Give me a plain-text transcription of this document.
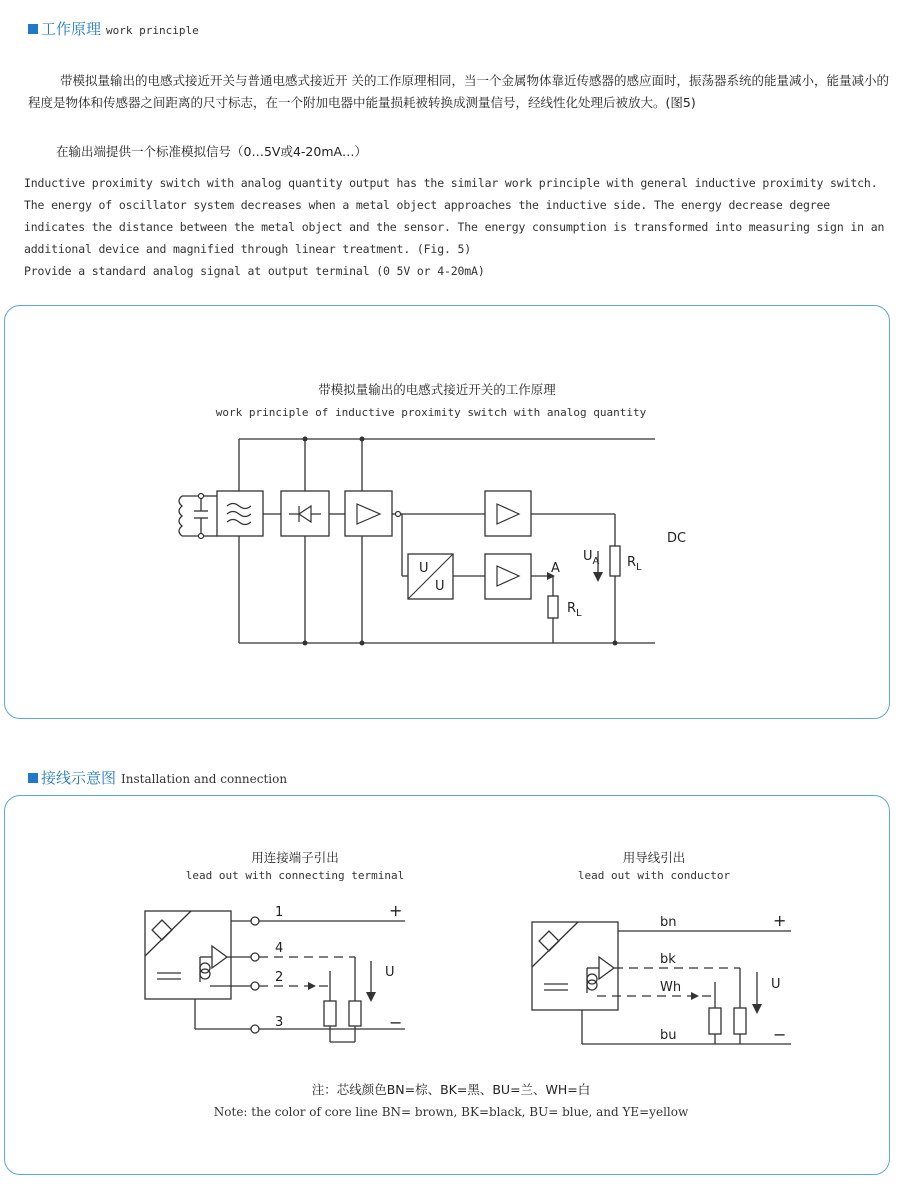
工作原理 work principle
带模拟量输出的电感式接近开关与普通电感式接近开 关的工作原理相同，当一个金属物体靠近传感器的感应面时，振荡器系统的能量减小，能量减小的程度是物体和传感器之间距离的尺寸标志，在一个附加电器中能量损耗被转换成测量信号，经线性化处理后被放大。(图5)
在输出端提供一个标准模拟信号（0…5V或4-20mA…）
Inductive proximity switch with analog quantity output has the similar work principle with general inductive proximity switch. The energy of oscillator system decreases when a metal object approaches the inductive side. The energy decrease degree indicates the distance between the metal object and the sensor. The energy consumption is transformed into measuring sign in an additional device and magnified through linear treatment. (Fig. 5)
Provide a standard analog signal at output terminal (0 5V or 4-20mA)
带模拟量输出的电感式接近开关的工作原理
work principle of inductive proximity switch with analog quantity
U
U
A
$R_L$
$R_L$
$U_A$
DC
接线示意图 Installation and connection
用连接端子引出
lead out with connecting terminal
用导线引出
lead out with conductor
1
4
2
3
+
−
U
bn
bk
Wh
bu
+
−
U
注：芯线颜色BN=棕、BK=黑、BU=兰、WH=白
Note: the color of core line BN= brown, BK=black, BU= blue, and YE=yellow
